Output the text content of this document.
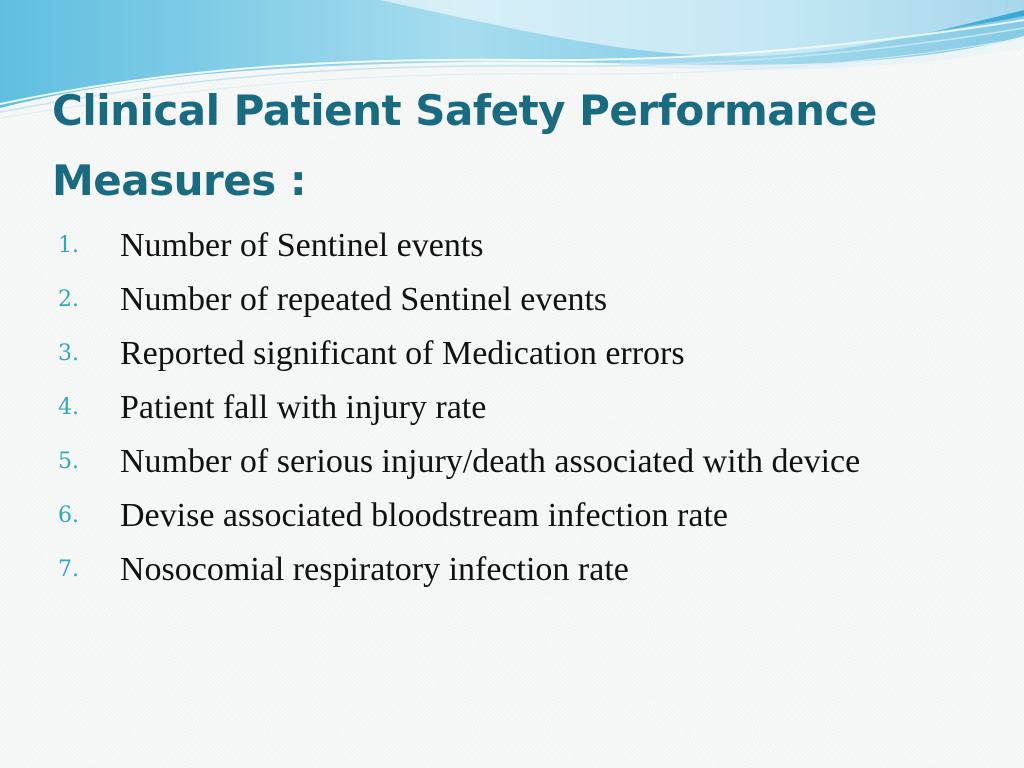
Clinical Patient Safety Performance
Measures :
1.	Number of Sentinel events
2.	Number of repeated Sentinel events
3.	Reported significant of Medication errors
4.	Patient fall with injury rate
5.	Number of serious injury/death associated with device
6.	Devise associated bloodstream infection rate
7.	Nosocomial respiratory infection rate
